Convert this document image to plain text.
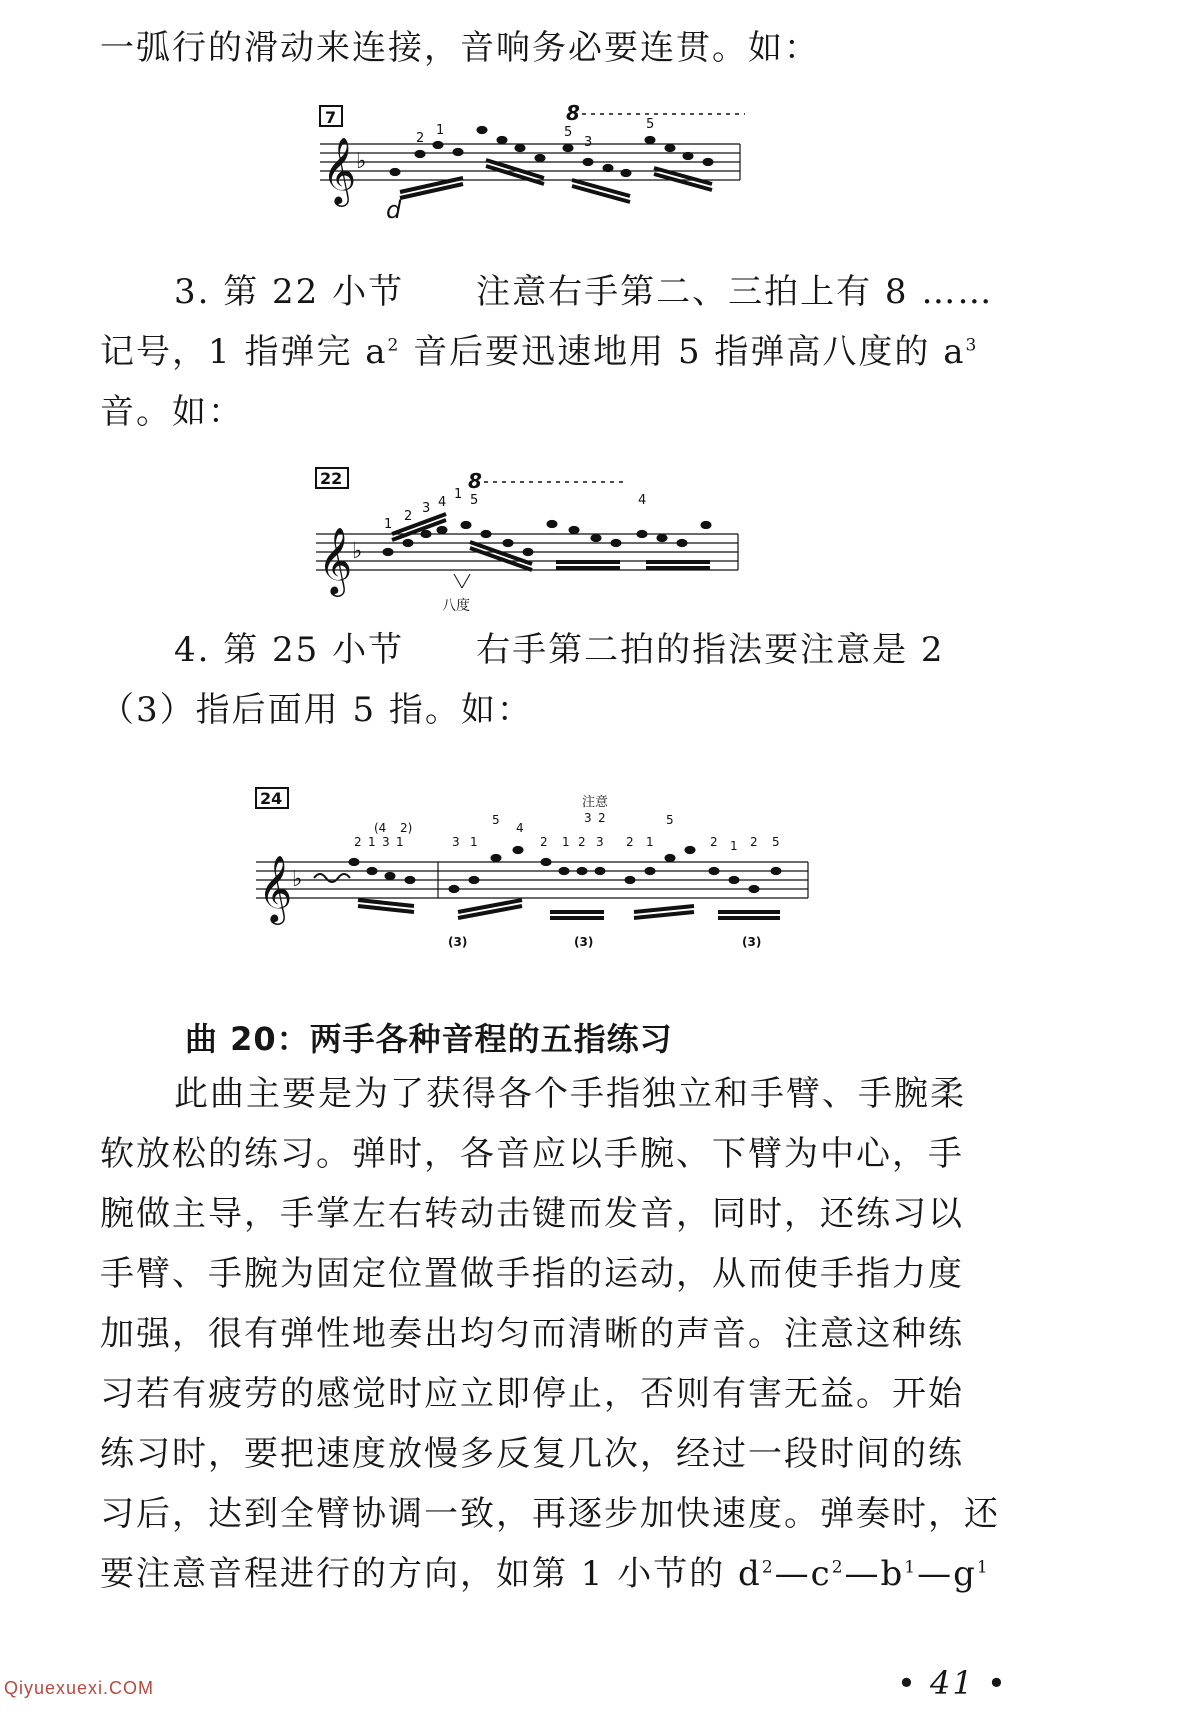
一弧行的滑动来连接，音响务必要连贯。如：
7
𝄞 ♭
d
8
2
1	5
3
5
3. 第 22 小节　　注意右手第二、三拍上有 8 ……
记号，1 指弹完 $a^2$ 音后要迅速地用 5 指弹高八度的 $a^3$
音。如：
22
𝄞 ♭
8
1
2
3 4
1 5	4
八度
4. 第 25 小节　　右手第二拍的指法要注意是 2
（3）指后面用 5 指。如：
24
𝄞 ♭
2 1 3 1	3 1
5
4
2 1 2 3 2 1
5
2 1 2 5
(4 2)
3 2
注意
(3)	(3)	(3)
曲 20：两手各种音程的五指练习
此曲主要是为了获得各个手指独立和手臂、手腕柔
软放松的练习。弹时，各音应以手腕、下臂为中心，手
腕做主导，手掌左右转动击键而发音，同时，还练习以
手臂、手腕为固定位置做手指的运动，从而使手指力度
加强，很有弹性地奏出均匀而清晰的声音。注意这种练
习若有疲劳的感觉时应立即停止，否则有害无益。开始
练习时，要把速度放慢多反复几次，经过一段时间的练
习后，达到全臂协调一致，再逐步加快速度。弹奏时，还
要注意音程进行的方向，如第 1 小节的 $d^2—c^2—b^1—g^1$
Qiyuexuexi.COM	• 41 •
